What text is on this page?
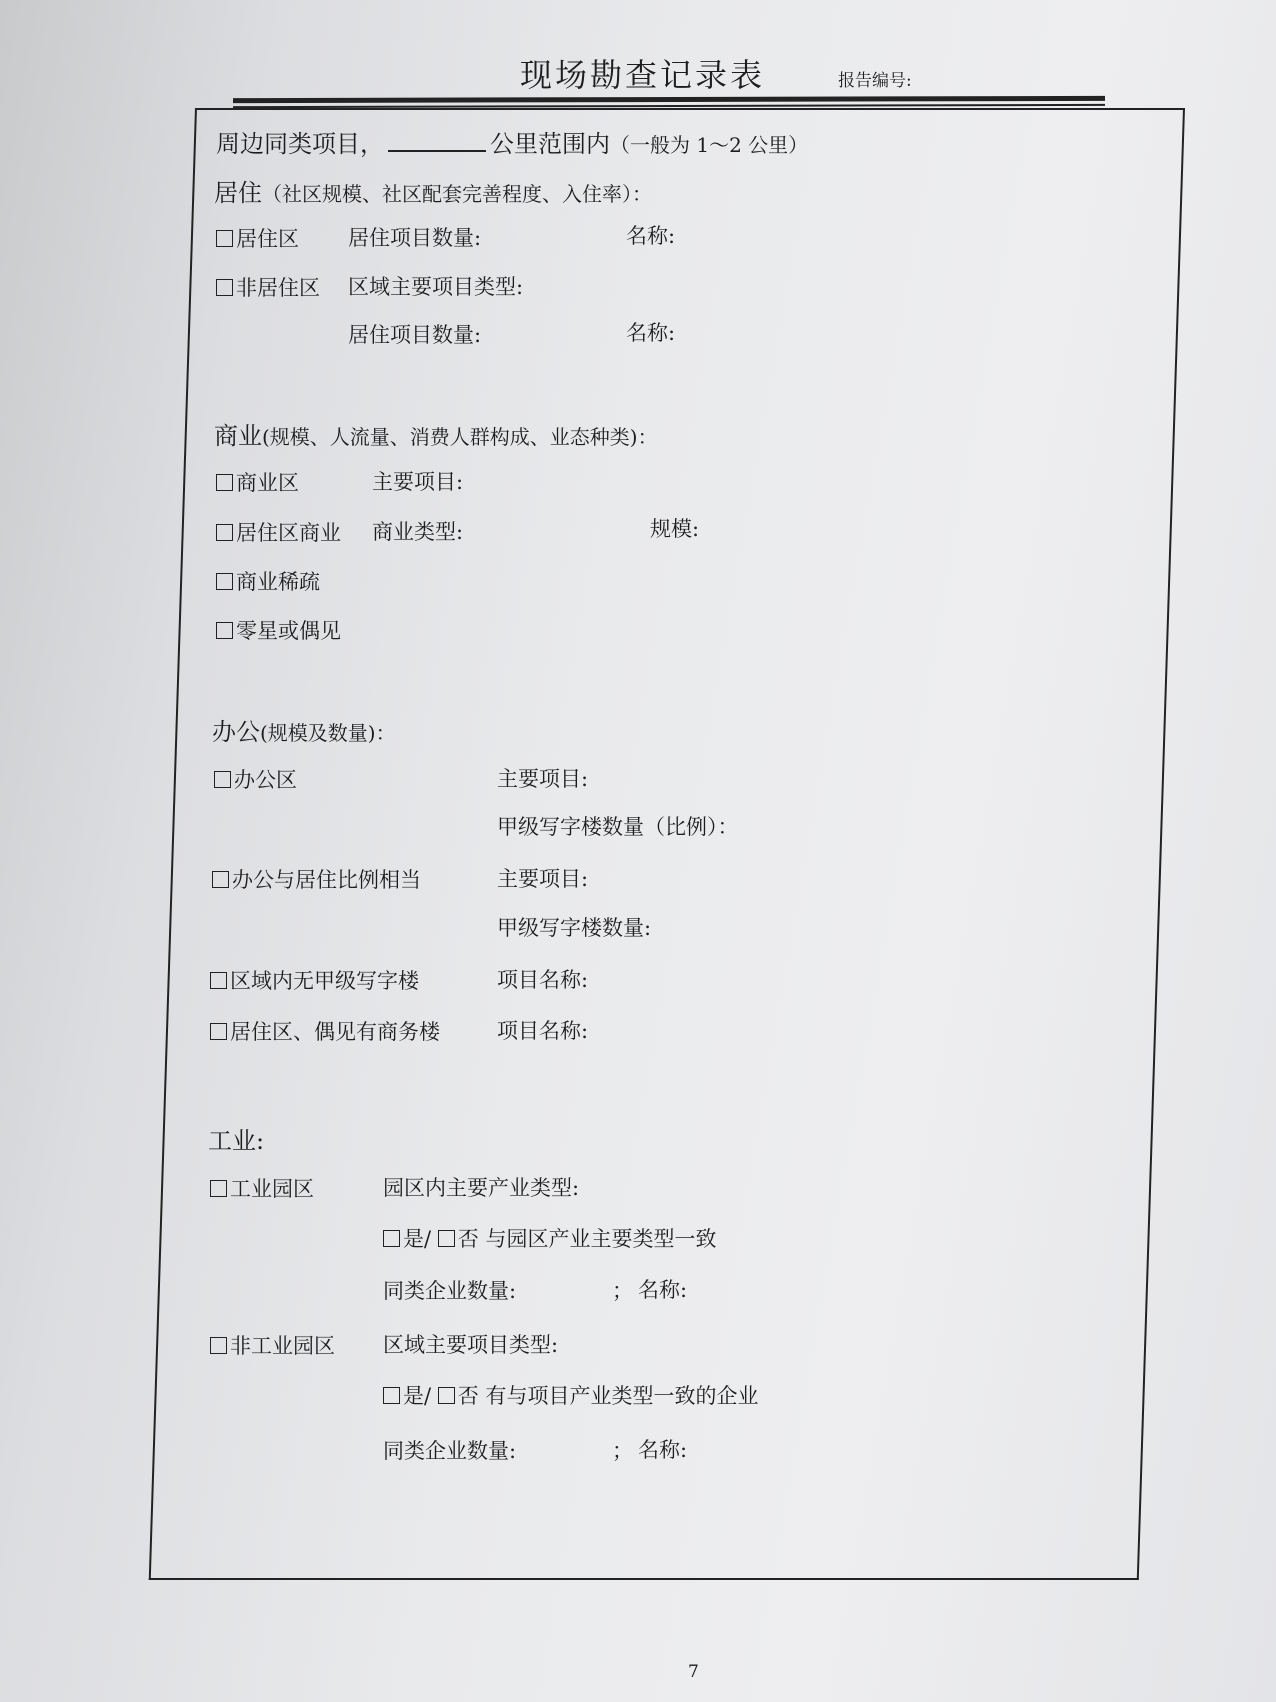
现场勘查记录表	报告编号:
周边同类项目，	公里范围内（一般为 1～2 公里）
居住（社区规模、社区配套完善程度、入住率）：
居住区 居住项目数量:	名称:
非居住区 区域主要项目类型:
居住项目数量:	名称:
商业(规模、人流量、消费人群构成、业态种类)：
商业区	主要项目:
居住区商业 商业类型:	规模:
商业稀疏
零星或偶见
办公(规模及数量)：
办公区	主要项目:
甲级写字楼数量（比例）：
办公与居住比例相当	主要项目:
甲级写字楼数量:
区域内无甲级写字楼	项目名称:
居住区、偶见有商务楼	项目名称:
工业:
工业园区	园区内主要产业类型:
是/ 否 与园区产业主要类型一致
同类企业数量:	； 名称:
非工业园区 区域主要项目类型:
是/ 否 有与项目产业类型一致的企业
同类企业数量:	； 名称:
7
